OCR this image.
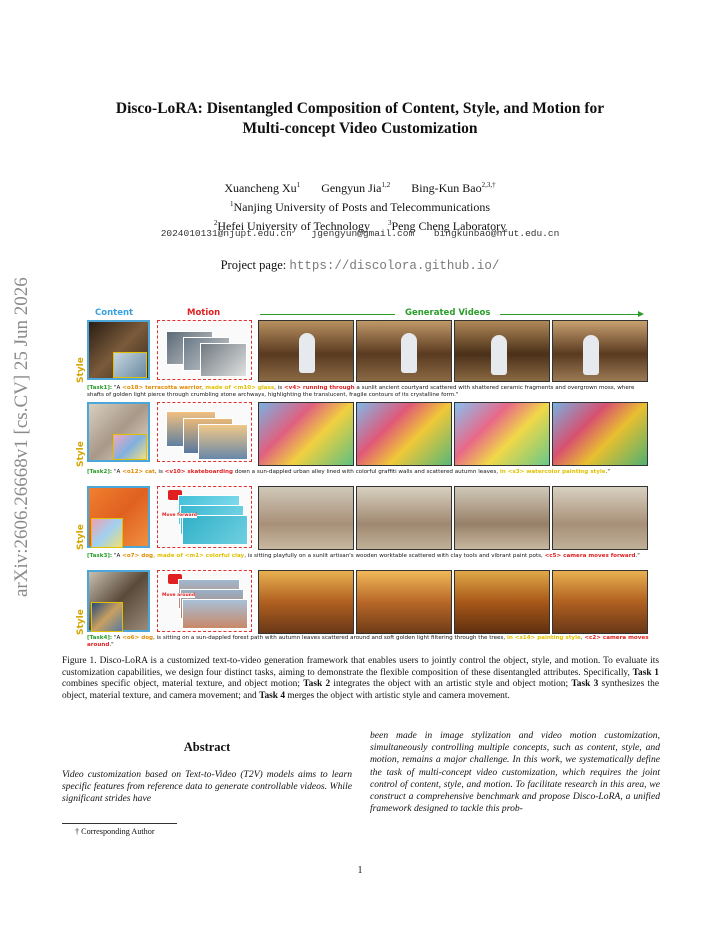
arXiv:2606.26668v1 [cs.CV] 25 Jun 2026
Disco-LoRA: Disentangled Composition of Content, Style, and Motion for
Multi-concept Video Customization
Xuancheng Xu$^1$ Gengyun Jia$^{1,2}$ Bing-Kun Bao$^{2,3,\dagger}$
$^1$Nanjing University of Posts and Telecommunications
$^2$Hefei University of Technology	$^3$Peng Cheng Laboratory
2024010131@njupt.edu.cn jgengyun@gmail.com bingkunbao@hfut.edu.cn
Project page: https://discolora.github.io/
Content	Motion	Generated Videos
Style
[Task1]: "A <o18> terracotta warrior, made of <m10> glass, is <v4> running through a sunlit ancient courtyard scattered with shattered ceramic fragments and overgrown moss, where shafts of golden light pierce through crumbling stone archways, highlighting the translucent, fragile contours of its crystalline form."
Style
[Task2]: "A <o12> cat, is <v10> skateboarding down a sun-dappled urban alley lined with colorful graffiti walls and scattered autumn leaves, in <s3> watercolor painting style."
Style
Move forward
[Task3]: "A <o7> dog, made of <m1> colorful clay, is sitting playfully on a sunlit artisan's wooden worktable scattered with clay tools and vibrant paint pots, <c5> camera moves forward."
Style
Move around
[Task4]: "A <o6> dog, is sitting on a sun-dappled forest path with autumn leaves scattered around and soft golden light filtering through the trees, in <s14> painting style, <c2> camera moves around."
Figure 1. Disco-LoRA is a customized text-to-video generation framework that enables users to jointly control the object, style, and motion. To evaluate its customization capabilities, we design four distinct tasks, aiming to demonstrate the flexible composition of these disentangled attributes. Specifically, Task 1 combines specific object, material texture, and object motion; Task 2 integrates the object with an artistic style and object motion; Task 3 synthesizes the object, material texture, and camera movement; and Task 4 merges the object with artistic style and camera movement.
Abstract
Video customization based on Text-to-Video (T2V) models aims to learn specific features from reference data to generate controllable videos. While significant strides have
been made in image stylization and video motion customization, simultaneously controlling multiple concepts, such as content, style, and motion, remains a major challenge. In this work, we systematically define the task of multi-concept video customization, which requires the joint control of content, style, and motion. To facilitate research in this area, we construct a comprehensive benchmark and propose Disco-LoRA, a unified framework designed to tackle this prob-
† Corresponding Author
1
